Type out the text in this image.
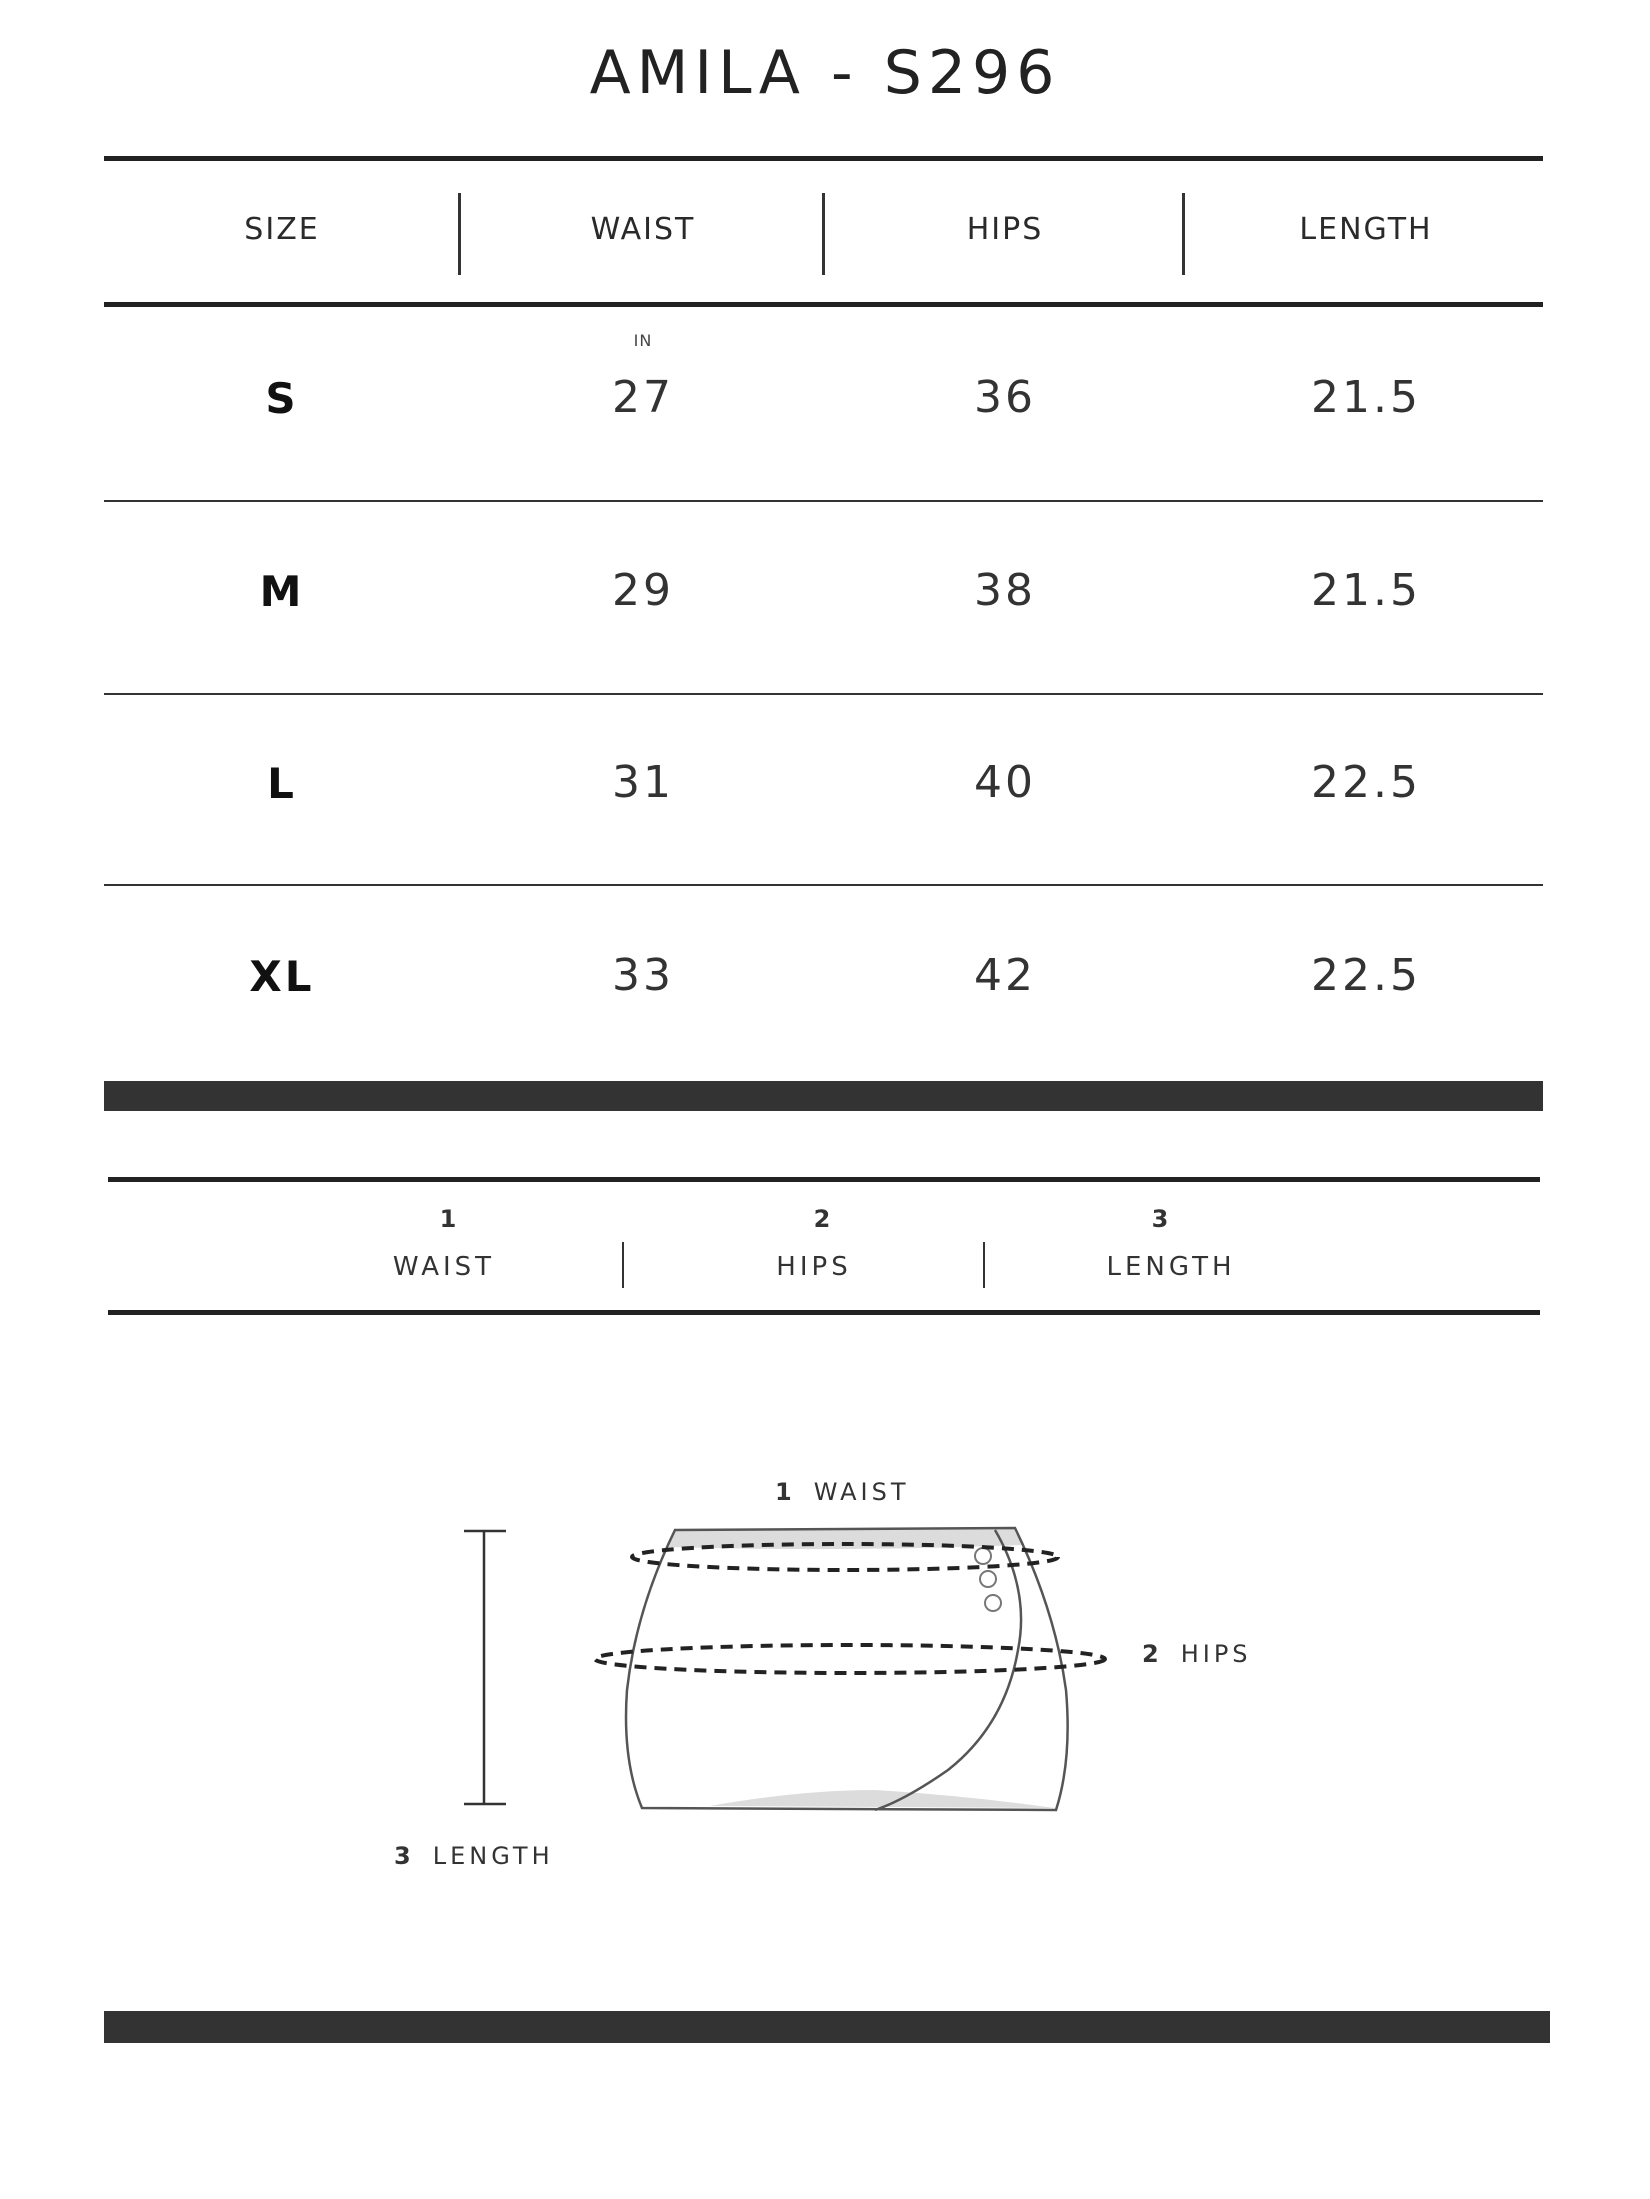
AMILA - S296
SIZE	WAIST	HIPS	LENGTH
IN
S	27	36	21.5
M	29	38	21.5
L	31	40	22.5
XL	33	42	22.5
1
WAIST
2
HIPS
3
LENGTH
1 WAIST
2 HIPS
3 LENGTH
